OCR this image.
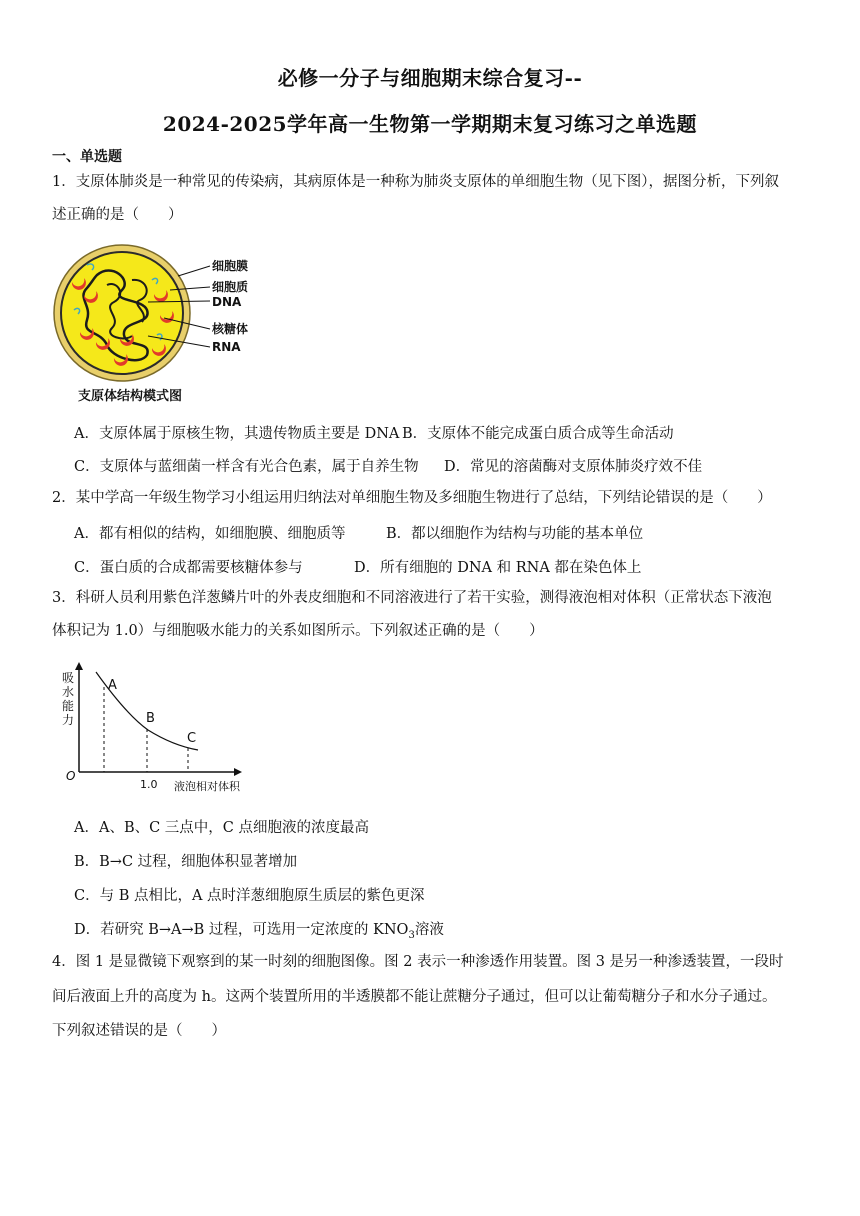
必修一分子与细胞期末综合复习--
2024-2025学年高一生物第一学期期末复习练习之单选题
一、单选题
1．支原体肺炎是一种常见的传染病，其病原体是一种称为肺炎支原体的单细胞生物（见下图），据图分析，下列叙
述正确的是（　　）
细胞膜
细胞质
DNA
核糖体
RNA
支原体结构模式图
A．支原体属于原核生物，其遗传物质主要是 DNA B．支原体不能完成蛋白质合成等生命活动
C．支原体与蓝细菌一样含有光合色素，属于自养生物 D．常见的溶菌酶对支原体肺炎疗效不佳
2．某中学高一年级生物学习小组运用归纳法对单细胞生物及多细胞生物进行了总结，下列结论错误的是（　　）
A．都有相似的结构，如细胞膜、细胞质等	B．都以细胞作为结构与功能的基本单位
C．蛋白质的合成都需要核糖体参与	D．所有细胞的 DNA 和 RNA 都在染色体上
3．科研人员利用紫色洋葱鳞片叶的外表皮细胞和不同溶液进行了若干实验，测得液泡相对体积（正常状态下液泡
体积记为 1.0）与细胞吸水能力的关系如图所示。下列叙述正确的是（　　）
吸
水
能
力
A
B
C
O
1.0 液泡相对体积
A．A、B、C 三点中，C 点细胞液的浓度最高
B．B→C 过程，细胞体积显著增加
C．与 B 点相比，A 点时洋葱细胞原生质层的紫色更深
D．若研究 B→A→B 过程，可选用一定浓度的 $KNO_3$溶液
4．图 1 是显微镜下观察到的某一时刻的细胞图像。图 2 表示一种渗透作用装置。图 3 是另一种渗透装置，一段时
间后液面上升的高度为 h。这两个装置所用的半透膜都不能让蔗糖分子通过，但可以让葡萄糖分子和水分子通过。
下列叙述错误的是（　　）
